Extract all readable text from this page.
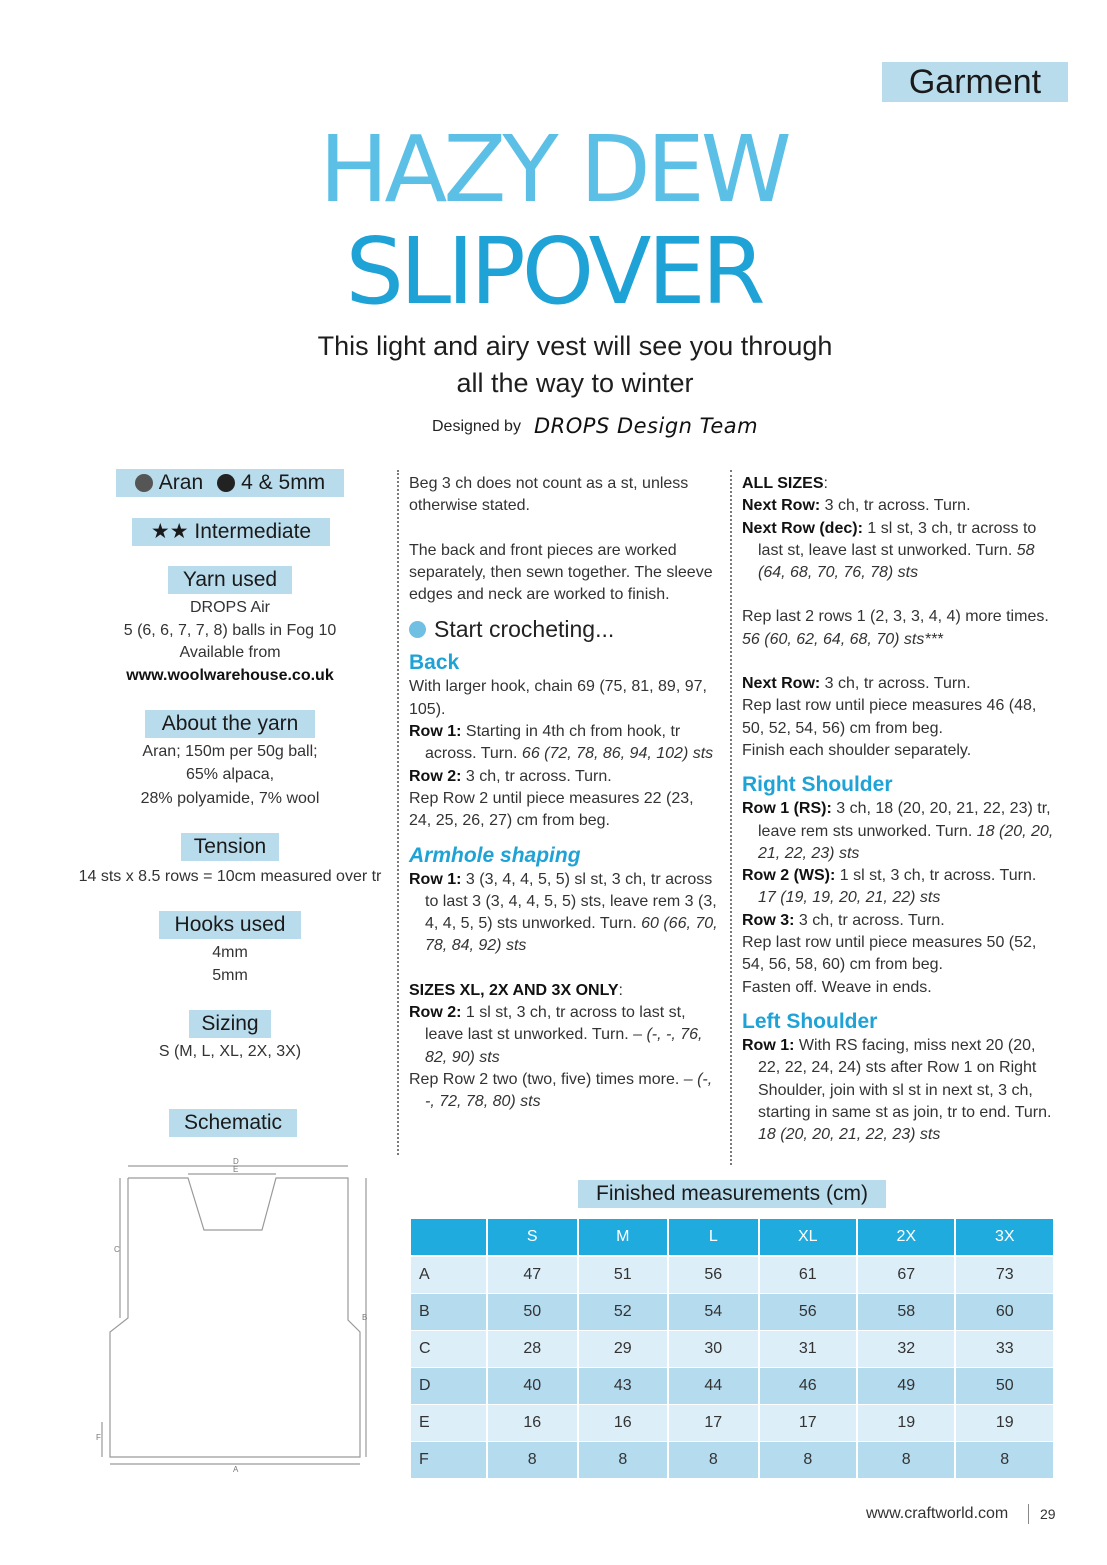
Garment
HAZY DEW
SLIPOVER
This light and airy vest will see you through
all the way to winter
Designed by DROPS Design Team
Aran 4 & 5mm
★★ Intermediate
Yarn used
DROPS Air
5 (6, 6, 7, 7, 8) balls in Fog 10
Available from
www.woolwarehouse.co.uk
About the yarn
Aran; 150m per 50g ball;
65% alpaca,
28% polyamide, 7% wool
Tension
14 sts x 8.5 rows = 10cm measured over tr
Hooks used
4mm
5mm
Sizing
S (M, L, XL, 2X, 3X)
Schematic
D
E
C
B
F
A

Beg 3 ch does not count as a st, unless otherwise stated.

The back and front pieces are worked separately, then sewn together. The sleeve edges and neck are worked to finish.

Start crocheting...
Back

With larger hook, chain 69 (75, 81, 89, 97, 105).

Row 1: Starting in 4th ch from hook, tr across. Turn. 66 (72, 78, 86, 94, 102) sts

Row 2: 3 ch, tr across. Turn.

Rep Row 2 until piece measures 22 (23, 24, 25, 26, 27) cm from beg.

Armhole shaping

Row 1: 3 (3, 4, 4, 5, 5) sl st, 3 ch, tr across to last 3 (3, 4, 4, 5, 5) sts, leave rem 3 (3, 4, 4, 5, 5) sts unworked. Turn. 60 (66, 70, 78, 84, 92) sts

SIZES XL, 2X AND 3X ONLY:

Row 2: 1 sl st, 3 ch, tr across to last st, leave last st unworked. Turn. – (-, -, 76, 82, 90) sts

Rep Row 2 two (two, five) times more. – (-, -, 72, 78, 80) sts

ALL SIZES:

Next Row: 3 ch, tr across. Turn.

Next Row (dec): 1 sl st, 3 ch, tr across to last st, leave last st unworked. Turn. 58 (64, 68, 70, 76, 78) sts

Rep last 2 rows 1 (2, 3, 3, 4, 4) more times. 56 (60, 62, 64, 68, 70) sts***

Next Row: 3 ch, tr across. Turn.

Rep last row until piece measures 46 (48, 50, 52, 54, 56) cm from beg.

Finish each shoulder separately.

Right Shoulder

Row 1 (RS): 3 ch, 18 (20, 20, 21, 22, 23) tr, leave rem sts unworked. Turn. 18 (20, 20, 21, 22, 23) sts

Row 2 (WS): 1 sl st, 3 ch, tr across. Turn. 17 (19, 19, 20, 21, 22) sts

Row 3: 3 ch, tr across. Turn.

Rep last row until piece measures 50 (52, 54, 56, 58, 60) cm from beg.

Fasten off. Weave in ends.

Left Shoulder

Row 1: With RS facing, miss next 20 (20, 22, 22, 24, 24) sts after Row 1 on Right Shoulder, join with sl st in next st, 3 ch, starting in same st as join, tr to end. Turn. 18 (20, 20, 21, 22, 23) sts

Finished measurements (cm)
	S	M	L	XL	2X	3X
A	47	51	56	61	67	73
B	50	52	54	56	58	60
C	28	29	30	31	32	33
D	40	43	44	46	49	50
E	16	16	17	17	19	19
F	8	8	8	8	8	8
www.craftworld.com 29
